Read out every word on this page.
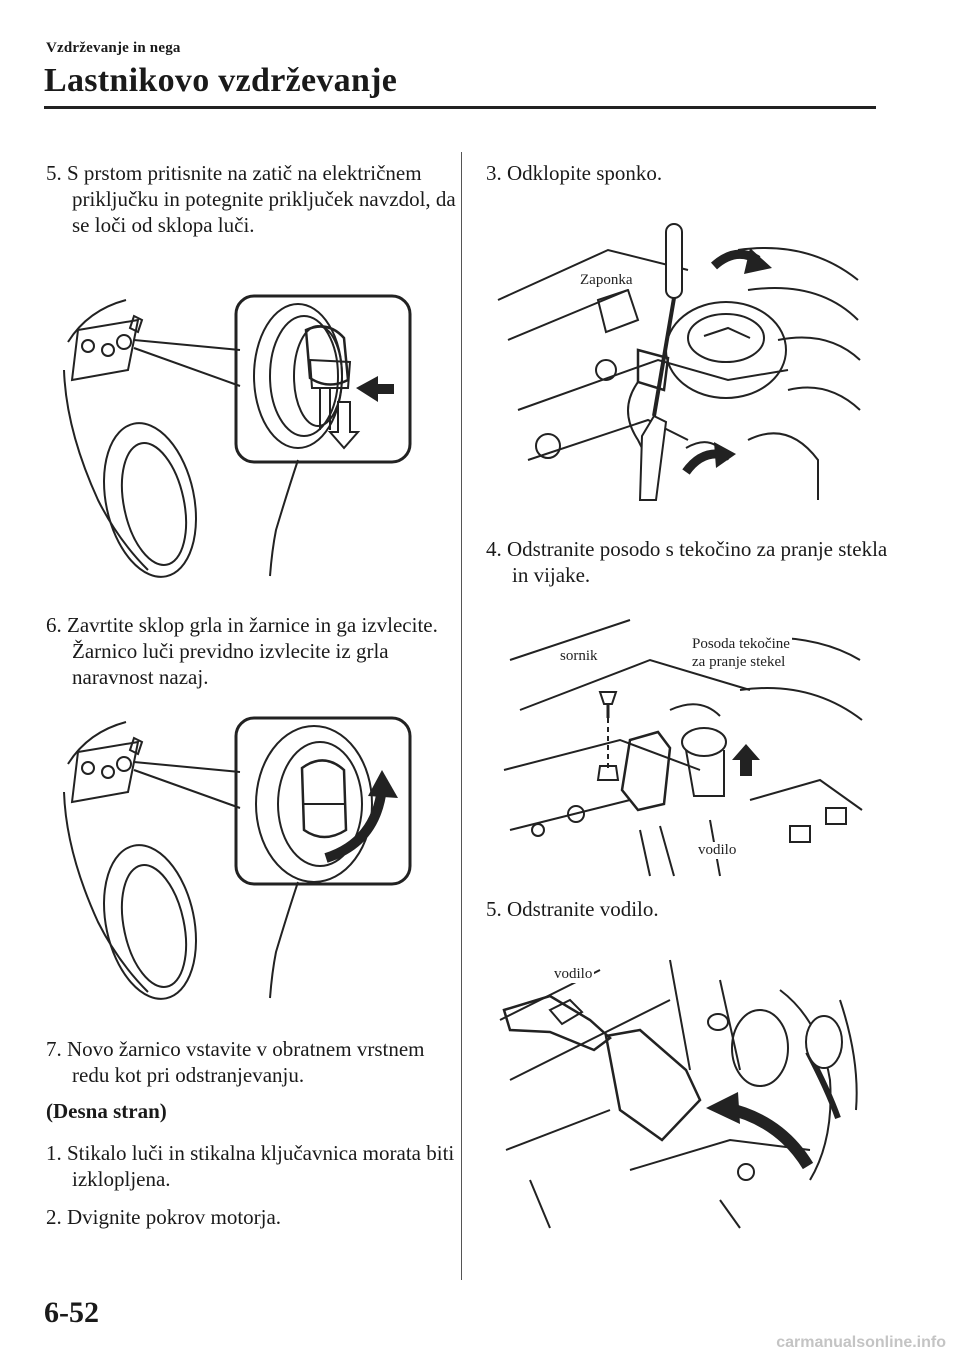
Vzdrževanje in nega
Lastnikovo vzdrževanje

5. S prstom pritisnite na zatič na električnem priključku in potegnite priključek navzdol, da se loči od sklopa luči.

6. Zavrtite sklop grla in žarnice in ga izvlecite. Žarnico luči previdno izvlecite iz grla naravnost nazaj.

7. Novo žarnico vstavite v obratnem vrstnem redu kot pri odstranjevanju.

(Desna stran)

1. Stikalo luči in stikalna ključavnica morata biti izklopljena.

2. Dvignite pokrov motorja.

3. Odklopite sponko.

Zaponka

4. Odstranite posodo s tekočino za pranje stekla in vijake.

sornik
Posoda tekočine
za pranje stekel
vodilo

5. Odstranite vodilo.

vodilo
6-52
carmanualsonline.info
